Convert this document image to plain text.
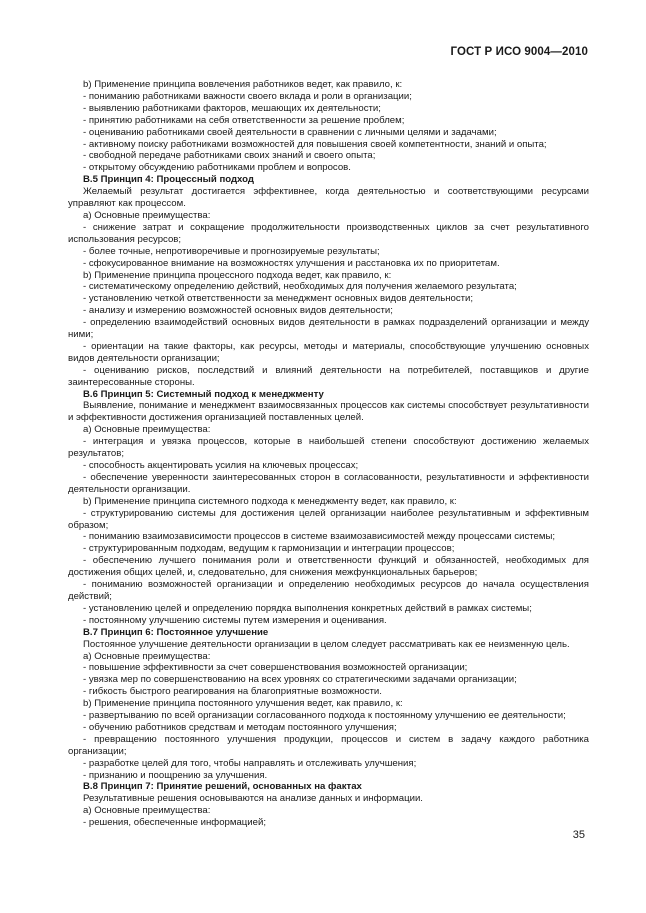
ГОСТ Р ИСО 9004—2010
b) Применение принципа вовлечения работников ведет, как правило, к:
- пониманию работниками важности своего вклада и роли в организации;
- выявлению работниками факторов, мешающих их деятельности;
- принятию работниками на себя ответственности за решение проблем;
- оцениванию работниками своей деятельности в сравнении с личными целями и задачами;
- активному поиску работниками возможностей для повышения своей компетентности, знаний и опыта;
- свободной передаче работниками своих знаний и своего опыта;
- открытому обсуждению работниками проблем и вопросов.
В.5 Принцип 4: Процессный подход
Желаемый результат достигается эффективнее, когда деятельностью и соответствующими ресурсами управляют как процессом.
а) Основные преимущества:
- снижение затрат и сокращение продолжительности производственных циклов за счет результативного использования ресурсов;
- более точные, непротиворечивые и прогнозируемые результаты;
- сфокусированное внимание на возможностях улучшения и расстановка их по приоритетам.
b) Применение принципа процессного подхода ведет, как правило, к:
- систематическому определению действий, необходимых для получения желаемого результата;
- установлению четкой ответственности за менеджмент основных видов деятельности;
- анализу и измерению возможностей основных видов деятельности;
- определению взаимодействий основных видов деятельности в рамках подразделений организации и между ними;
- ориентации на такие факторы, как ресурсы, методы и материалы, способствующие улучшению основных видов деятельности организации;
- оцениванию рисков, последствий и влияний деятельности на потребителей, поставщиков и другие заинтересованные стороны.
В.6 Принцип 5: Системный подход к менеджменту
Выявление, понимание и менеджмент взаимосвязанных процессов как системы способствует результативности и эффективности достижения организацией поставленных целей.
а) Основные преимущества:
- интеграция и увязка процессов, которые в наибольшей степени способствуют достижению желаемых результатов;
- способность акцентировать усилия на ключевых процессах;
- обеспечение уверенности заинтересованных сторон в согласованности, результативности и эффективности деятельности организации.
b) Применение принципа системного подхода к менеджменту ведет, как правило, к:
- структурированию системы для достижения целей организации наиболее результативным и эффективным образом;
- пониманию взаимозависимости процессов в системе взаимозависимостей между процессами системы;
- структурированным подходам, ведущим к гармонизации и интеграции процессов;
- обеспечению лучшего понимания роли и ответственности функций и обязанностей, необходимых для достижения общих целей, и, следовательно, для снижения межфункциональных барьеров;
- пониманию возможностей организации и определению необходимых ресурсов до начала осуществления действий;
- установлению целей и определению порядка выполнения конкретных действий в рамках системы;
- постоянному улучшению системы путем измерения и оценивания.
В.7 Принцип 6: Постоянное улучшение
Постоянное улучшение деятельности организации в целом следует рассматривать как ее неизменную цель.
а) Основные преимущества:
- повышение эффективности за счет совершенствования возможностей организации;
- увязка мер по совершенствованию на всех уровнях со стратегическими задачами организации;
- гибкость быстрого реагирования на благоприятные возможности.
b) Применение принципа постоянного улучшения ведет, как правило, к:
- развертыванию по всей организации согласованного подхода к постоянному улучшению ее деятельности;
- обучению работников средствам и методам постоянного улучшения;
- превращению постоянного улучшения продукции, процессов и систем в задачу каждого работника организации;
- разработке целей для того, чтобы направлять и отслеживать улучшения;
- признанию и поощрению за улучшения.
В.8 Принцип 7: Принятие решений, основанных на фактах
Результативные решения основываются на анализе данных и информации.
а) Основные преимущества:
- решения, обеспеченные информацией;
35
